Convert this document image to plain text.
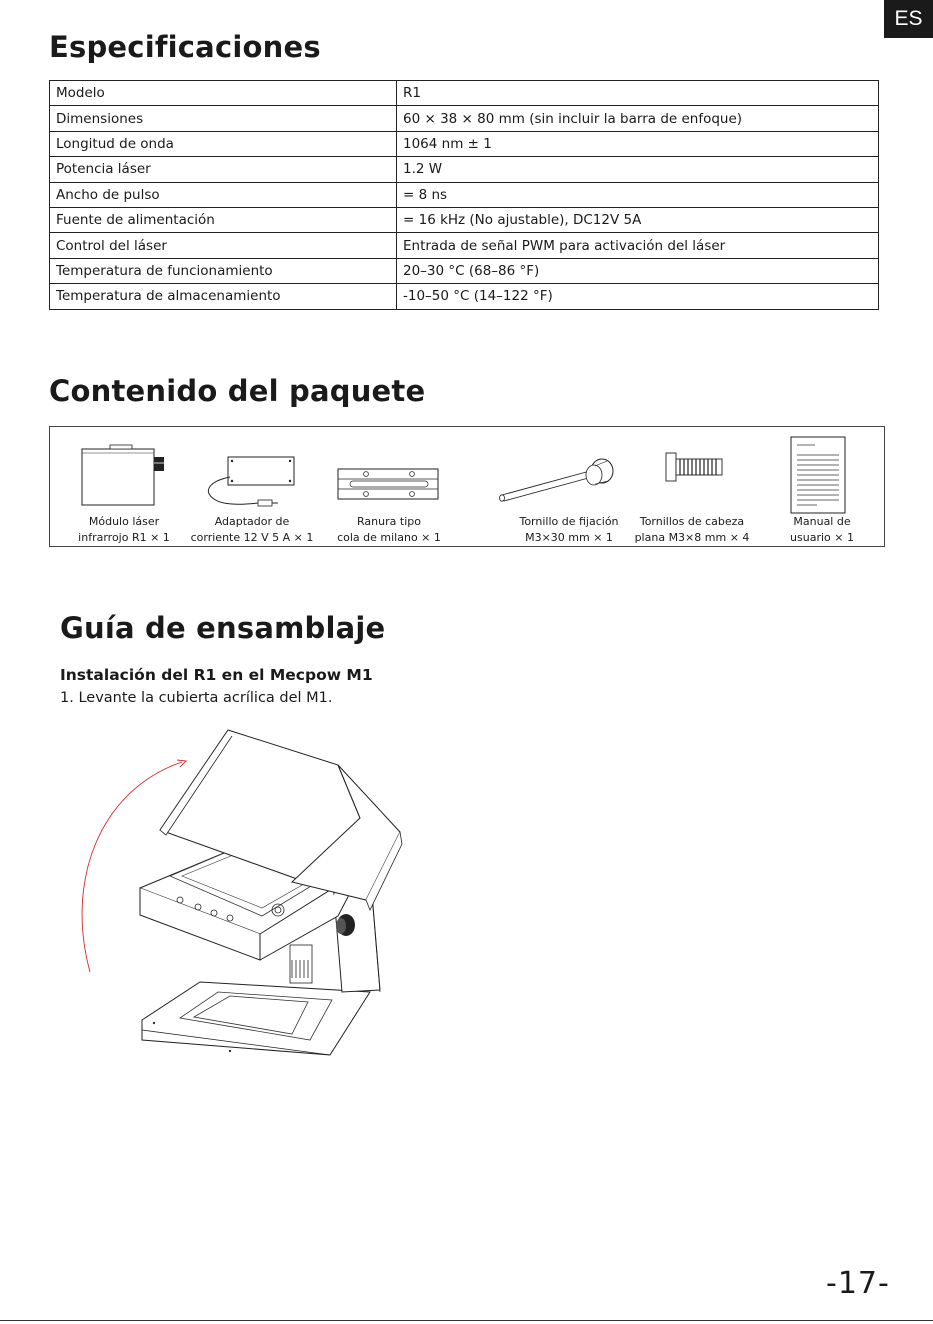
ES
Especificaciones
Modelo	R1
Dimensiones	60 × 38 × 80 mm (sin incluir la barra de enfoque)
Longitud de onda	1064 nm ± 1
Potencia láser	1.2 W
Ancho de pulso	= 8 ns
Fuente de alimentación	= 16 kHz (No ajustable), DC12V 5A
Control del láser	Entrada de señal PWM para activación del láser
Temperatura de funcionamiento	20–30 °C (68–86 °F)
Temperatura de almacenamiento	-10–50 °C (14–122 °F)
Contenido del paquete
Módulo láser
infrarrojo R1 × 1
Adaptador de
corriente 12 V 5 A × 1
Ranura tipo
cola de milano × 1
Tornillo de fijación
M3×30 mm × 1
Tornillos de cabeza
plana M3×8 mm × 4
Manual de
usuario × 1
Guía de ensamblaje
Instalación del R1 en el Mecpow M1
1. Levante la cubierta acrílica del M1.
-17-
